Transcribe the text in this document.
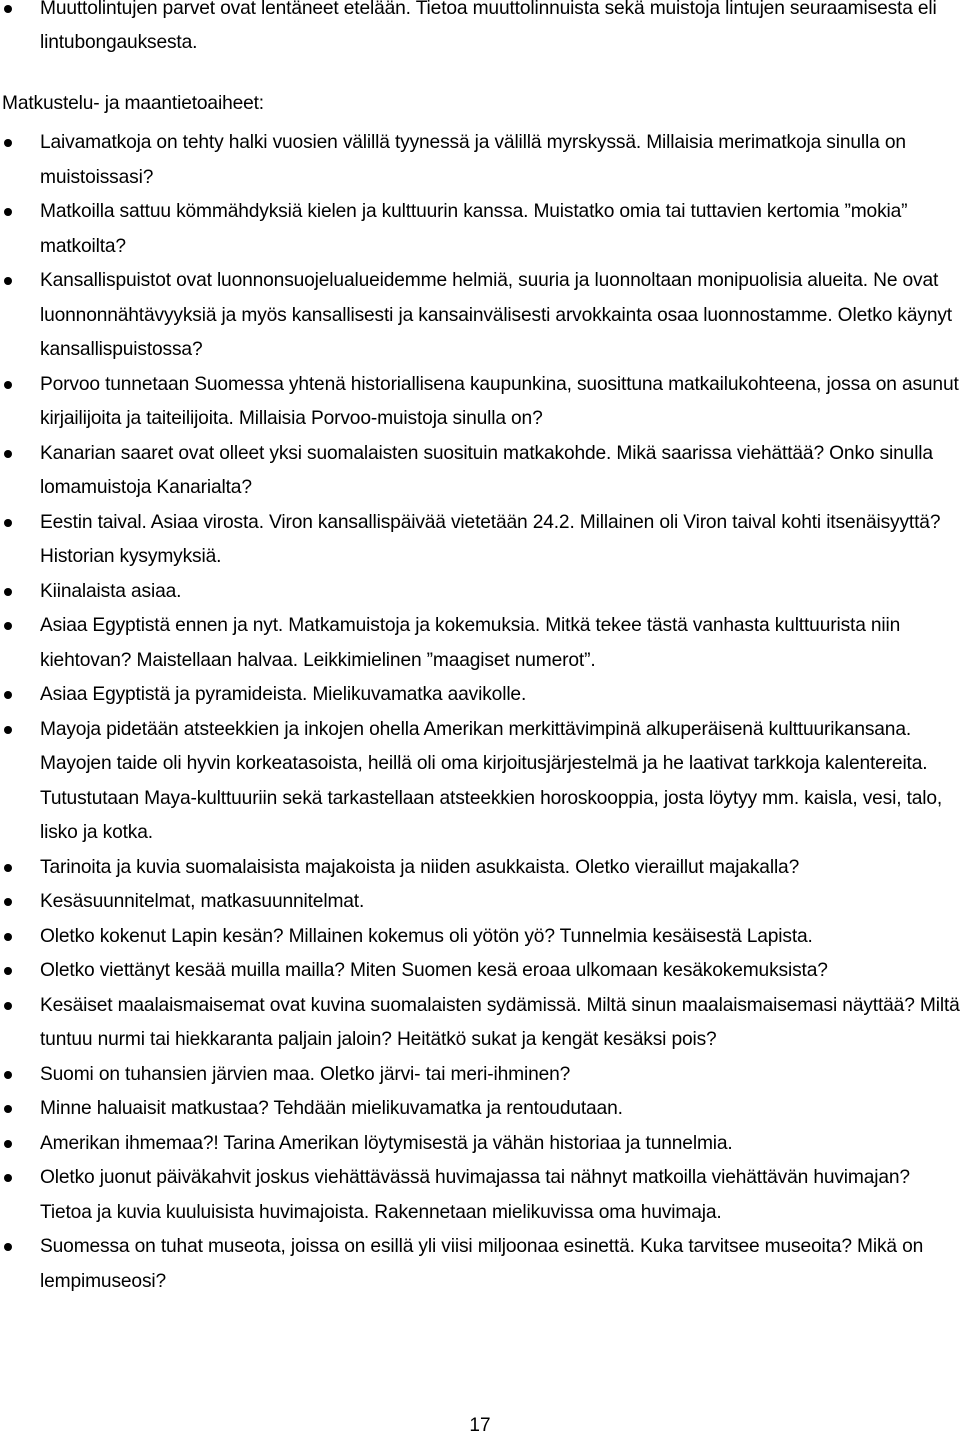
Muuttolintujen parvet ovat lentäneet etelään. Tietoa muuttolinnuista sekä muistoja lintujen seuraamisesta eli lintubongauksesta.
Matkustelu- ja maantietoaiheet:
Laivamatkoja on tehty halki vuosien välillä tyynessä ja välillä myrskyssä. Millaisia merimatkoja sinulla on muistoissasi?
Matkoilla sattuu kömmähdyksiä kielen ja kulttuurin kanssa. Muistatko omia tai tuttavien kertomia ”mokia” matkoilta?
Kansallispuistot ovat luonnonsuojelualueidemme helmiä, suuria ja luonnoltaan monipuolisia alueita. Ne ovat luonnonnähtävyyksiä ja myös kansallisesti ja kansainvälisesti arvokkainta osaa luonnostamme. Oletko käynyt kansallispuistossa?
Porvoo tunnetaan Suomessa yhtenä historiallisena kaupunkina, suosittuna matkailukohteena, jossa on asunut kirjailijoita ja taiteilijoita. Millaisia Porvoo-muistoja sinulla on?
Kanarian saaret ovat olleet yksi suomalaisten suosituin matkakohde. Mikä saarissa viehättää? Onko sinulla lomamuistoja Kanarialta?
Eestin taival. Asiaa virosta. Viron kansallispäivää vietetään 24.2. Millainen oli Viron taival kohti itsenäisyyttä? Historian kysymyksiä.
Kiinalaista asiaa.
Asiaa Egyptistä ennen ja nyt. Matkamuistoja ja kokemuksia. Mitkä tekee tästä vanhasta kulttuurista niin kiehtovan? Maistellaan halvaa. Leikkimielinen ”maagiset numerot”.
Asiaa Egyptistä ja pyramideista. Mielikuvamatka aavikolle.
Mayoja pidetään atsteekkien ja inkojen ohella Amerikan merkittävimpinä alkuperäisenä kulttuurikansana. Mayojen taide oli hyvin korkeatasoista, heillä oli oma kirjoitusjärjestelmä ja he laativat tarkkoja kalentereita. Tutustutaan Maya-kulttuuriin sekä tarkastellaan atsteekkien horoskooppia, josta löytyy mm. kaisla, vesi, talo, lisko ja kotka.
Tarinoita ja kuvia suomalaisista majakoista ja niiden asukkaista. Oletko vieraillut majakalla?
Kesäsuunnitelmat, matkasuunnitelmat.
Oletko kokenut Lapin kesän? Millainen kokemus oli yötön yö? Tunnelmia kesäisestä Lapista.
Oletko viettänyt kesää muilla mailla? Miten Suomen kesä eroaa ulkomaan kesäkokemuksista?
Kesäiset maalaismaisemat ovat kuvina suomalaisten sydämissä. Miltä sinun maalaismaisemasi näyttää? Miltä tuntuu nurmi tai hiekkaranta paljain jaloin? Heitätkö sukat ja kengät kesäksi pois?
Suomi on tuhansien järvien maa. Oletko järvi- tai meri-ihminen?
Minne haluaisit matkustaa? Tehdään mielikuvamatka ja rentoudutaan.
Amerikan ihmemaa?! Tarina Amerikan löytymisestä ja vähän historiaa ja tunnelmia.
Oletko juonut päiväkahvit joskus viehättävässä huvimajassa tai nähnyt matkoilla viehättävän huvimajan? Tietoa ja kuvia kuuluisista huvimajoista. Rakennetaan mielikuvissa oma huvimaja.
Suomessa on tuhat museota, joissa on esillä yli viisi miljoonaa esinettä. Kuka tarvitsee museoita? Mikä on lempimuseosi?
17
